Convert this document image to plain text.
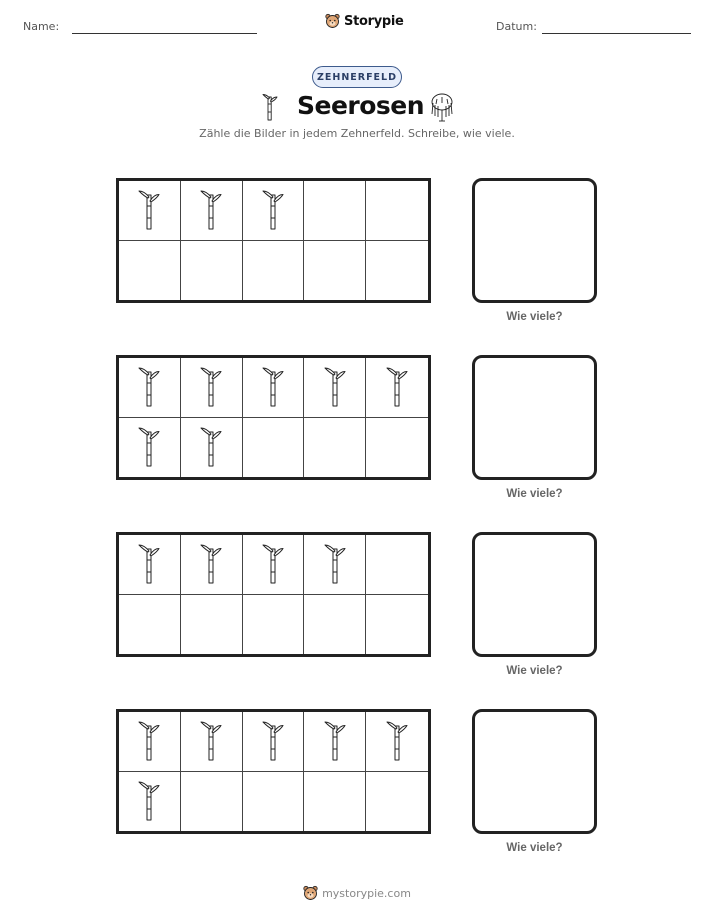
Name:	Storypie	Datum:
ZEHNERFELD
Seerosen
Zähle die Bilder in jedem Zehnerfeld. Schreibe, wie viele.
Wie viele?
Wie viele?
Wie viele?
Wie viele?
mystorypie.com
